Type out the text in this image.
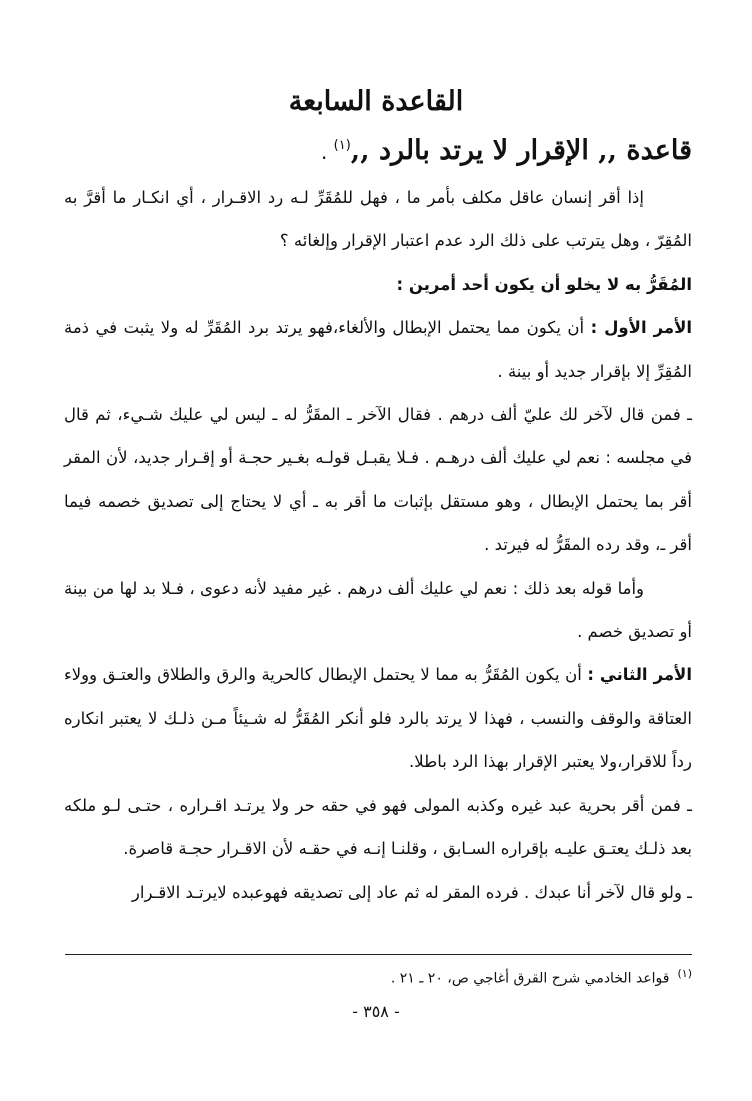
القاعدة السابعة
قاعدة ,, الإقرار لا يرتد بالرد ,,$^{(١)}$ .

إذا أقر إنسان عاقل مكلف بأمر ما ، فهل للمُقَرِّ لـه رد الاقـرار ، أي انكـار ما أقرَّ به المُقِرّ ، وهل يترتب على ذلك الرد عدم اعتبار الإقرار وإلغائه ؟

المُقَرُّ به لا يخلو أن يكون أحد أمرين :

الأمر الأول : أن يكون مما يحتمل الإبطال والألغاء،فهو يرتد برد المُقَرِّ له ولا يثبت في ذمة المُقِرِّ إلا بإقرار جديد أو بينة .

ـ فمن قال لآخر لك عليّ ألف درهم . فقال الآخر ـ المقَرُّ له ـ ليس لي عليك شـيء، ثم قال في مجلسه : نعم لي عليك ألف درهـم . فـلا يقبـل قولـه بغـير حجـة أو إقـرار جديد، لأن المقر أقر بما يحتمل الإبطال ، وهو مستقل بإثبات ما أقر به ـ أي لا يحتاج إلى تصديق خصمه فيما أقر ـ، وقد رده المقَرُّ له فيرتد .

وأما قوله بعد ذلك : نعم لي عليك ألف درهم . غير مفيد لأنه دعوى ، فـلا بد لها من بينة أو تصديق خصم .

الأمر الثاني : أن يكون المُقَرُّ به مما لا يحتمل الإبطال كالحرية والرق والطلاق والعتـق وولاء العتاقة والوقف والنسب ، فهذا لا يرتد بالرد فلو أنكر المُقَرُّ له شـيئاً مـن ذلـك لا يعتبر انكاره رداً للاقرار،ولا يعتبر الإقرار بهذا الرد باطلا.

ـ فمن أقر بحرية عبد غيره وكذبه المولى فهو في حقه حر ولا يرتـد اقـراره ، حتـى لـو ملكه بعد ذلـك يعتـق عليـه بإقراره السـابق ، وقلنـا إنـه في حقـه لأن الاقـرار حجـة قاصرة.

ـ ولو قال لآخر أنا عبدك . فرده المقر له ثم عاد إلى تصديقه فهوعبده لايرتـد الاقـرار

$^{(١)}$قواعد الخادمي شرح القرق أغاجي ص، ٢٠ ـ ٢١ .
- ٣٥٨ -
